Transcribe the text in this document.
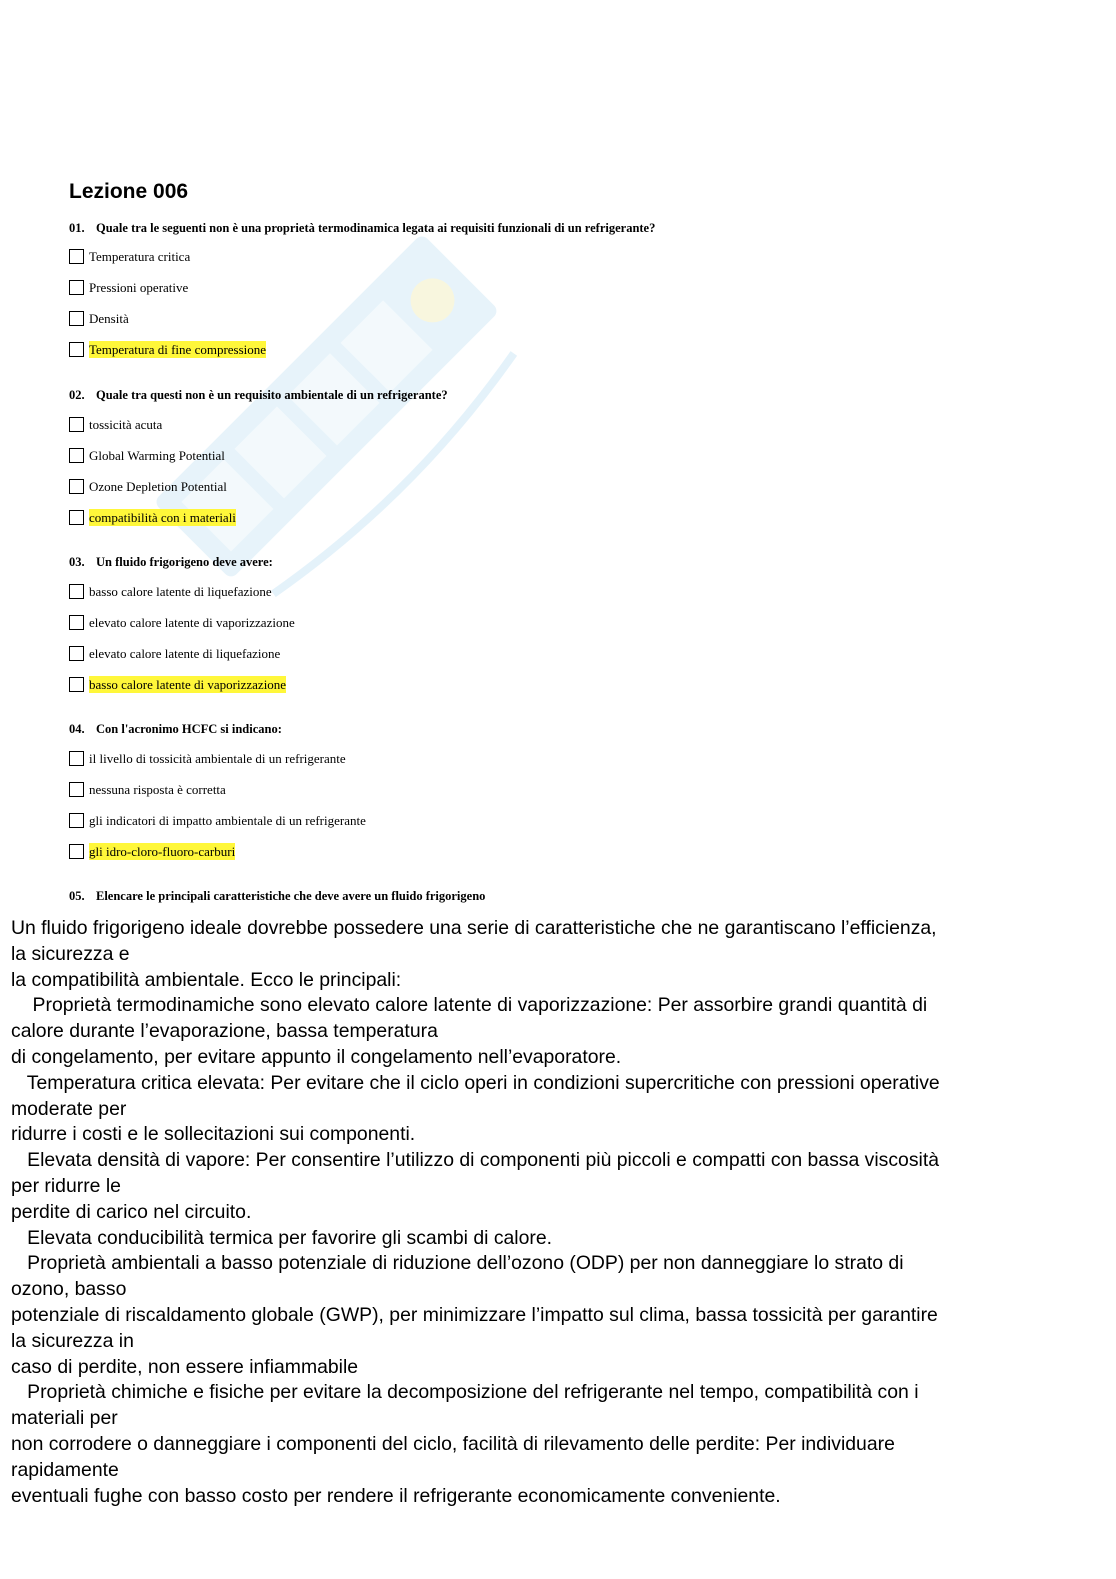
Lezione 006
01. Quale tra le seguenti non è una proprietà termodinamica legata ai requisiti funzionali di un refrigerante?
Temperatura critica
Pressioni operative
Densità
Temperatura di fine compressione
02. Quale tra questi non è un requisito ambientale di un refrigerante?
tossicità acuta
Global Warming Potential
Ozone Depletion Potential
compatibilità con i materiali
03. Un fluido frigorigeno deve avere:
basso calore latente di liquefazione
elevato calore latente di vaporizzazione
elevato calore latente di liquefazione
basso calore latente di vaporizzazione
04. Con l'acronimo HCFC si indicano:
il livello di tossicità ambientale di un refrigerante
nessuna risposta è corretta
gli indicatori di impatto ambientale di un refrigerante
gli idro-cloro-fluoro-carburi
05. Elencare le principali caratteristiche che deve avere un fluido frigorigeno
Un fluido frigorigeno ideale dovrebbe possedere una serie di caratteristiche che ne garantiscano l’efficienza,
la sicurezza e
la compatibilità ambientale. Ecco le principali:
Proprietà termodinamiche sono elevato calore latente di vaporizzazione: Per assorbire grandi quantità di
calore durante l’evaporazione, bassa temperatura
di congelamento, per evitare appunto il congelamento nell’evaporatore.
Temperatura critica elevata: Per evitare che il ciclo operi in condizioni supercritiche con pressioni operative
moderate per
ridurre i costi e le sollecitazioni sui componenti.
Elevata densità di vapore: Per consentire l’utilizzo di componenti più piccoli e compatti con bassa viscosità
per ridurre le
perdite di carico nel circuito.
Elevata conducibilità termica per favorire gli scambi di calore.
Proprietà ambientali a basso potenziale di riduzione dell’ozono (ODP) per non danneggiare lo strato di
ozono, basso
potenziale di riscaldamento globale (GWP), per minimizzare l’impatto sul clima, bassa tossicità per garantire
la sicurezza in
caso di perdite, non essere infiammabile
Proprietà chimiche e fisiche per evitare la decomposizione del refrigerante nel tempo, compatibilità con i
materiali per
non corrodere o danneggiare i componenti del ciclo, facilità di rilevamento delle perdite: Per individuare
rapidamente
eventuali fughe con basso costo per rendere il refrigerante economicamente conveniente.
